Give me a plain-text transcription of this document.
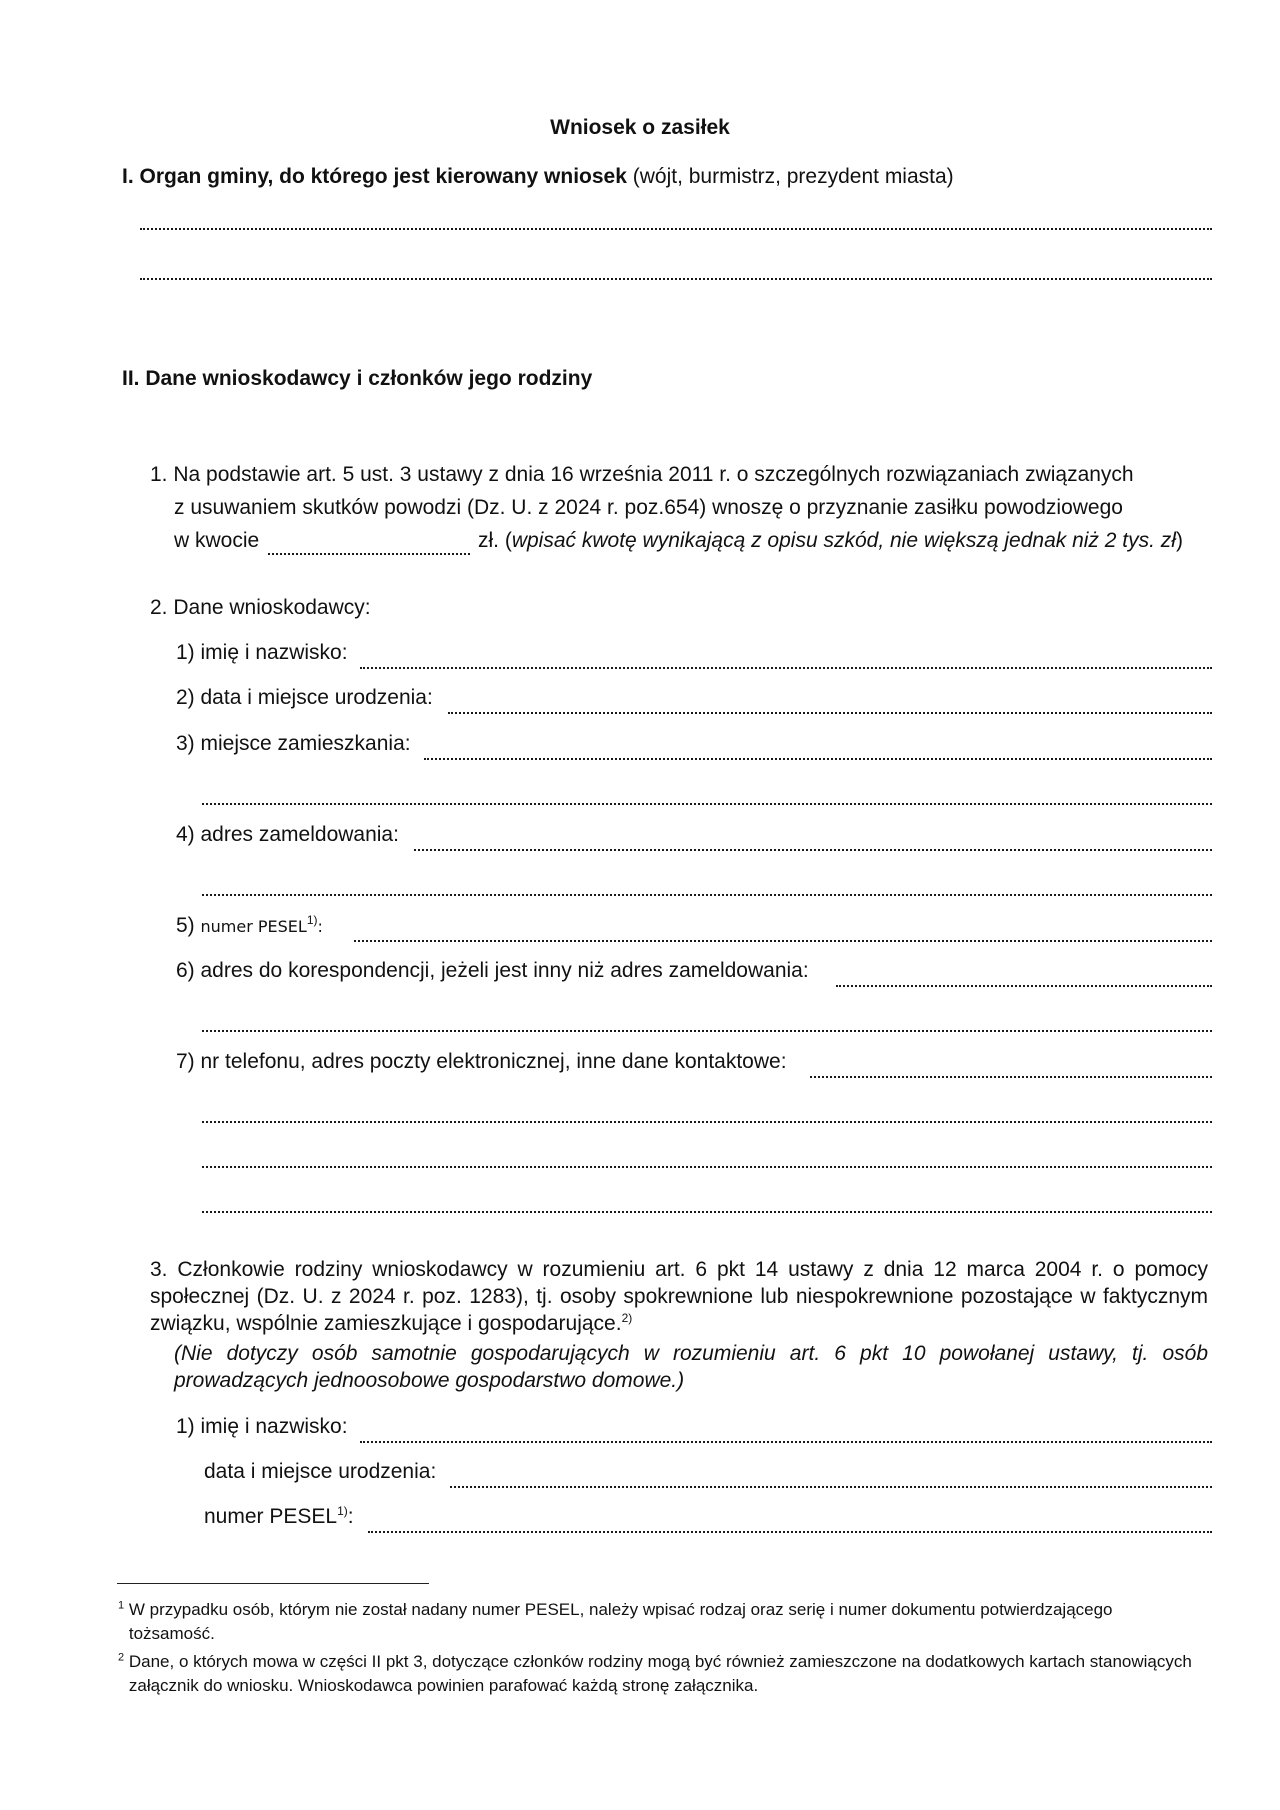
Wniosek o zasiłek
I. Organ gminy, do którego jest kierowany wniosek (wójt, burmistrz, prezydent miasta)
II. Dane wnioskodawcy i członków jego rodziny
1. Na podstawie art. 5 ust. 3 ustawy z dnia 16 września 2011 r. o szczególnych rozwiązaniach związanych
z usuwaniem skutków powodzi (Dz. U. z 2024 r. poz.654) wnoszę o przyznanie zasiłku powodziowego
w kwocie	zł. (wpisać kwotę wynikającą z opisu szkód, nie większą jednak niż 2 tys. zł)
2. Dane wnioskodawcy:
1) imię i nazwisko:
2) data i miejsce urodzenia:
3) miejsce zamieszkania:
4) adres zameldowania:
5) numer PESEL$^{1)}$:
6) adres do korespondencji, jeżeli jest inny niż adres zameldowania:
7) nr telefonu, adres poczty elektronicznej, inne dane kontaktowe:
3. Członkowie rodziny wnioskodawcy w rozumieniu art. 6 pkt 14 ustawy z dnia 12 marca 2004 r. o pomocy społecznej (Dz. U. z 2024 r. poz. 1283), tj. osoby spokrewnione lub niespokrewnione pozostające w faktycznym związku, wspólnie zamieszkujące i gospodarujące.$^{2)}$
(Nie dotyczy osób samotnie gospodarujących w rozumieniu art. 6 pkt 10 powołanej ustawy, tj. osób prowadzących jednoosobowe gospodarstwo domowe.)
1) imię i nazwisko:
data i miejsce urodzenia:
numer PESEL$^{1)}$:
$^1$ W przypadku osób, którym nie został nadany numer PESEL, należy wpisać rodzaj oraz serię i numer dokumentu potwierdzającego tożsamość.
$^2$ Dane, o których mowa w części II pkt 3, dotyczące członków rodziny mogą być również zamieszczone na dodatkowych kartach stanowiących załącznik do wniosku. Wnioskodawca powinien parafować każdą stronę załącznika.
